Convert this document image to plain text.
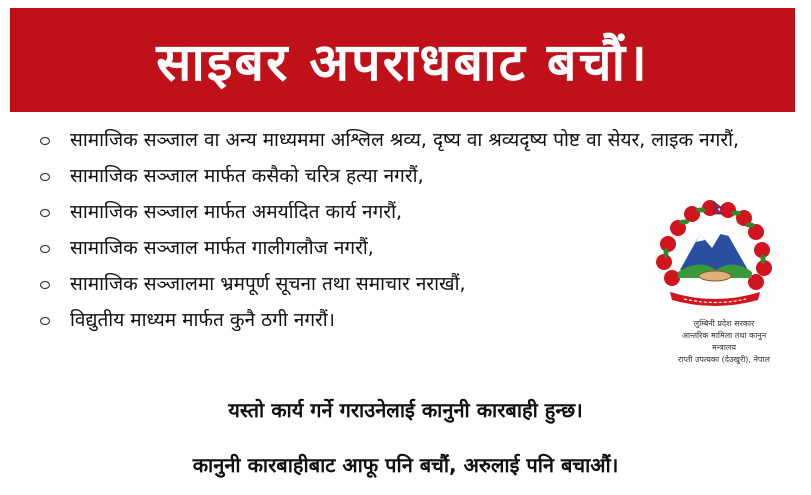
साइबर अपराधबाट बचौं।
सामाजिक सञ्जाल वा अन्य माध्यममा अश्लिल श्रव्य, दृष्य वा श्रव्यदृष्य पोष्ट वा सेयर, लाइक नगरौं,
सामाजिक सञ्जाल मार्फत कसैको चरित्र हत्या नगरौं,
सामाजिक सञ्जाल मार्फत अमर्यादित कार्य नगरौं,
सामाजिक सञ्जाल मार्फत गालीगलौज नगरौं,
सामाजिक सञ्जालमा भ्रमपूर्ण सूचना तथा समाचार नराखौं,
विद्युतीय माध्यम मार्फत कुनै ठगी नगरौं।	लुम्बिनी प्रदेश सरकार
आन्तरिक मामिला तथा कानुन
मन्त्रालय
राप्ती उपत्यका (देउखुरी), नेपाल
यस्तो कार्य गर्ने गराउनेलाई कानुनी कारबाही हुन्छ।
कानुनी कारबाहीबाट आफू पनि बचौं, अरुलाई पनि बचाऔं।
